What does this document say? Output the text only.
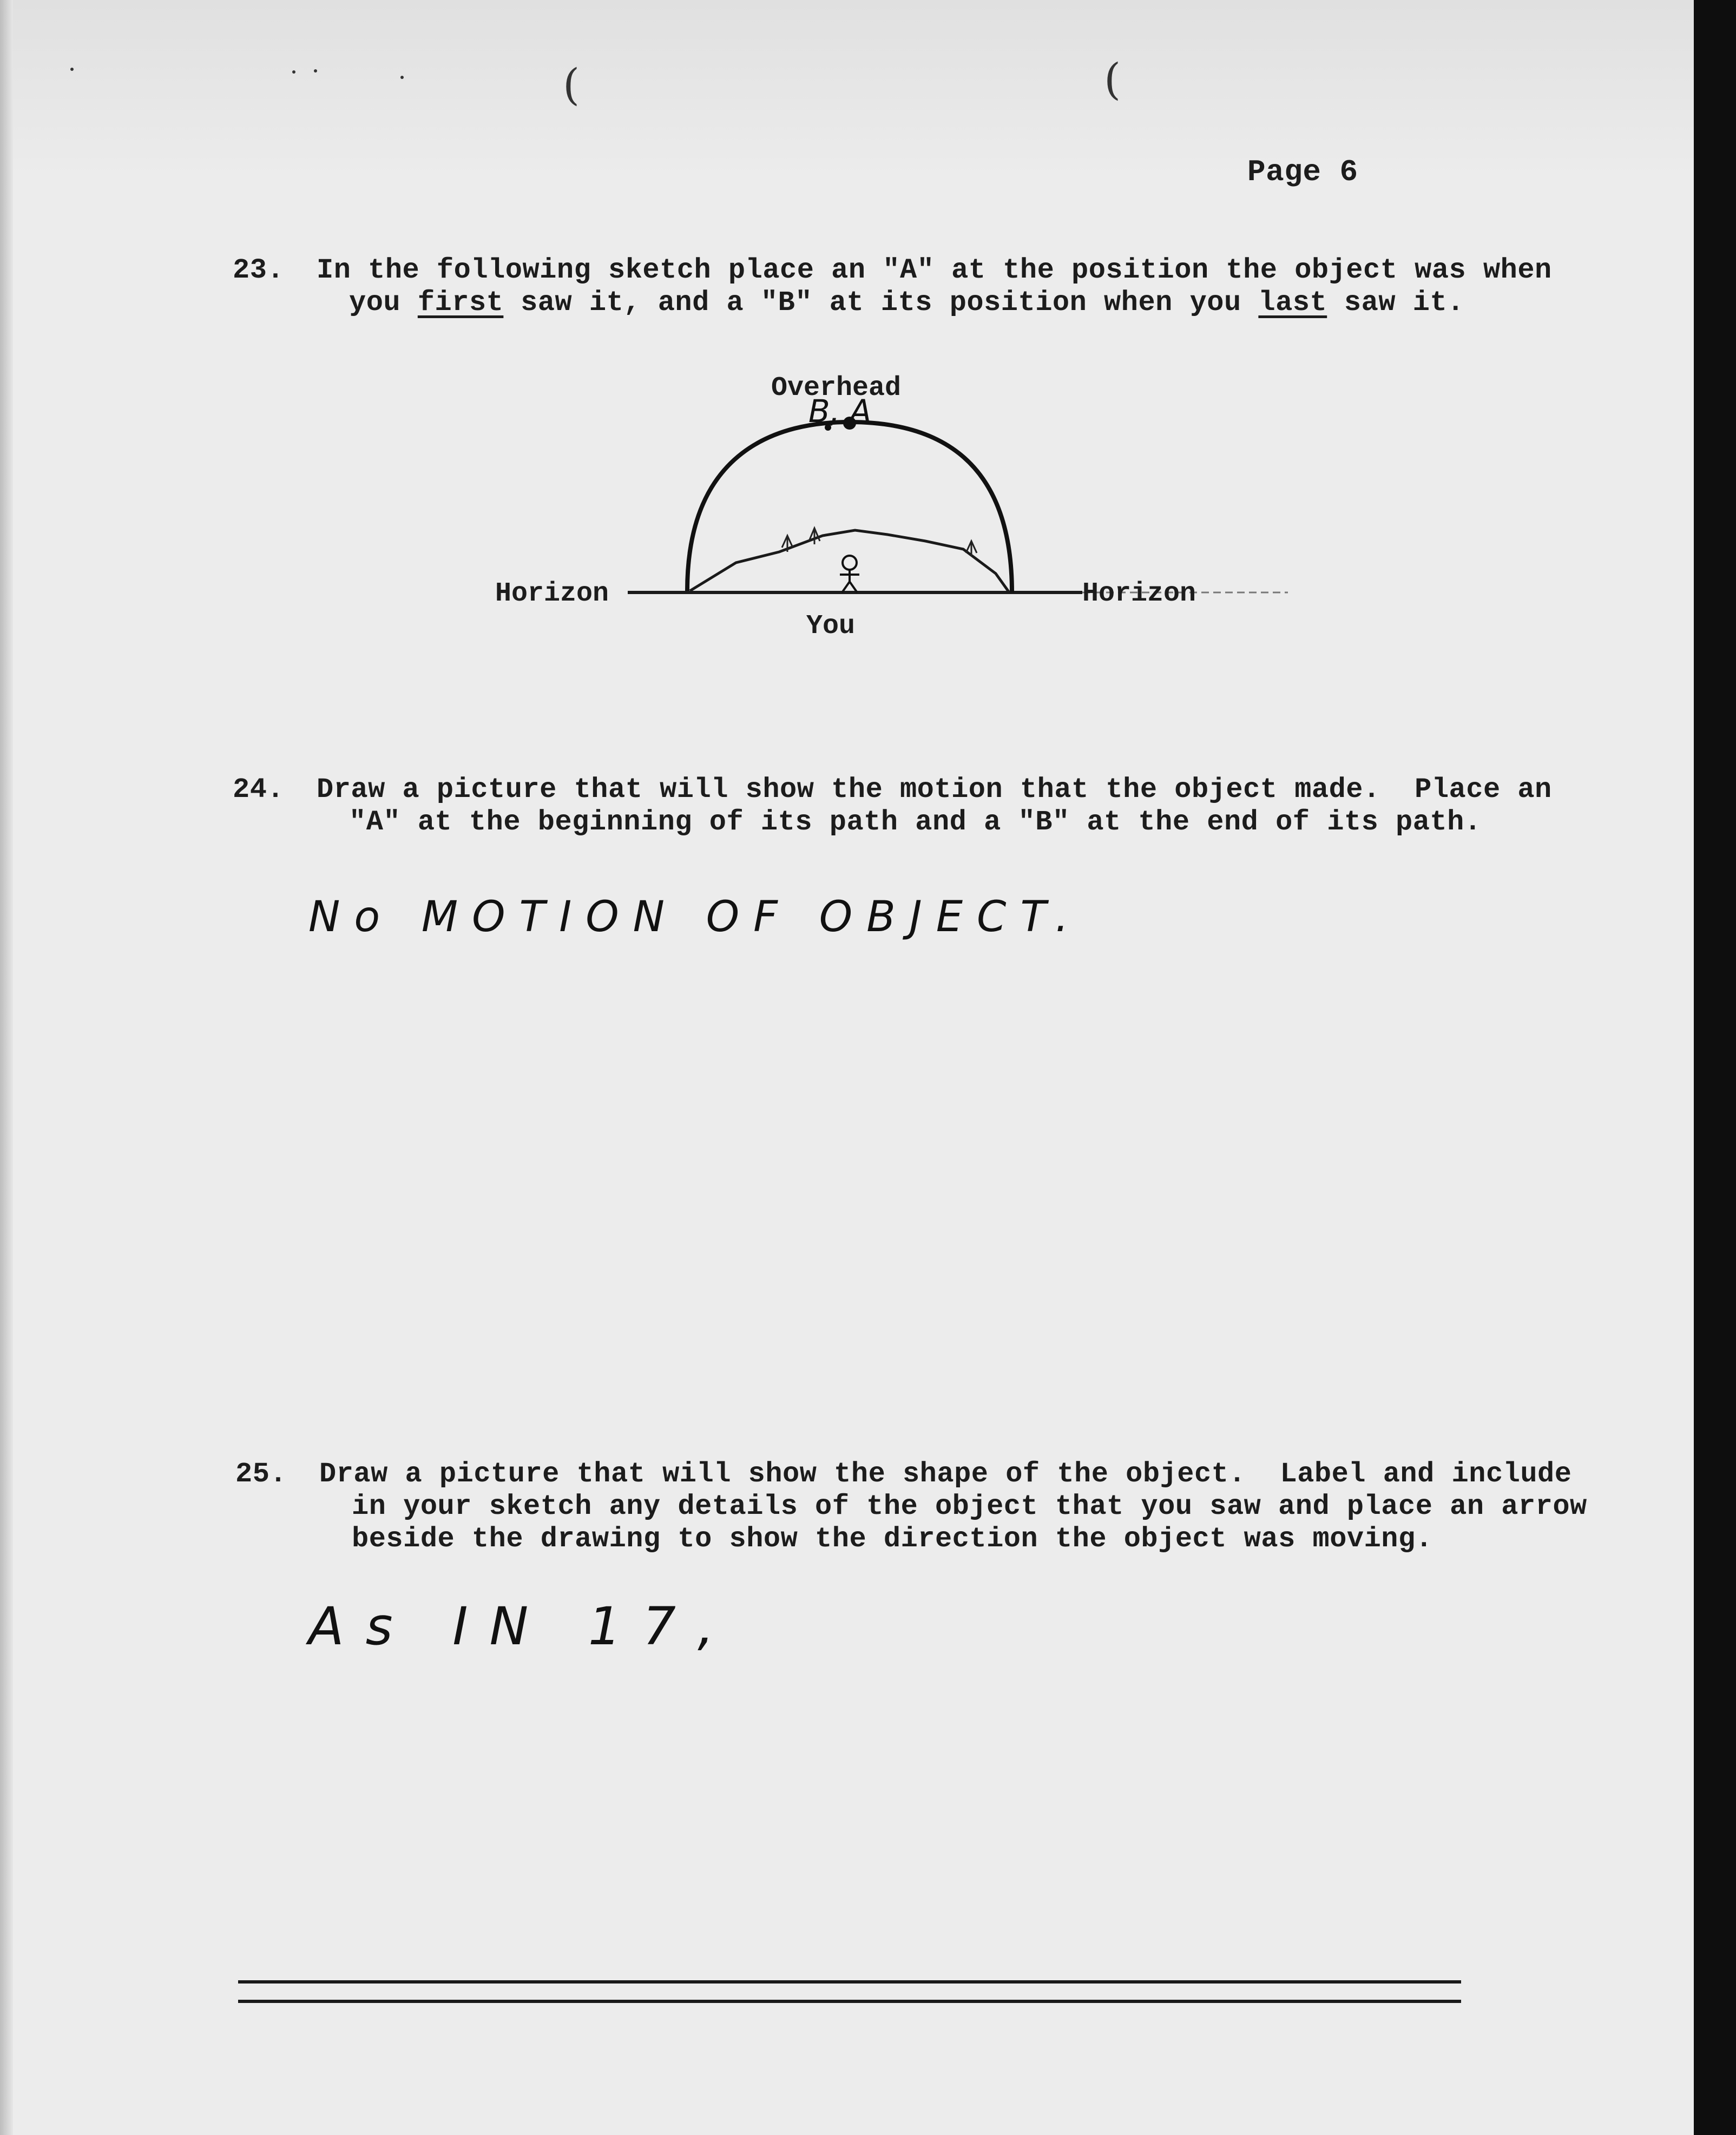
(	(

Page 6

23. In the following sketch place an "A" at the position the object was when

you first saw it, and a "B" at its position when you last saw it.

Overhead
Horizon	Horizon
You
B, A

24. Draw a picture that will show the motion that the object made.  Place an

"A" at the beginning of its path and a "B" at the end of its path.

No MOTION OF OBJECT.

25. Draw a picture that will show the shape of the object.  Label and include

in your sketch any details of the object that you saw and place an arrow

beside the drawing to show the direction the object was moving.

As IN 17,
